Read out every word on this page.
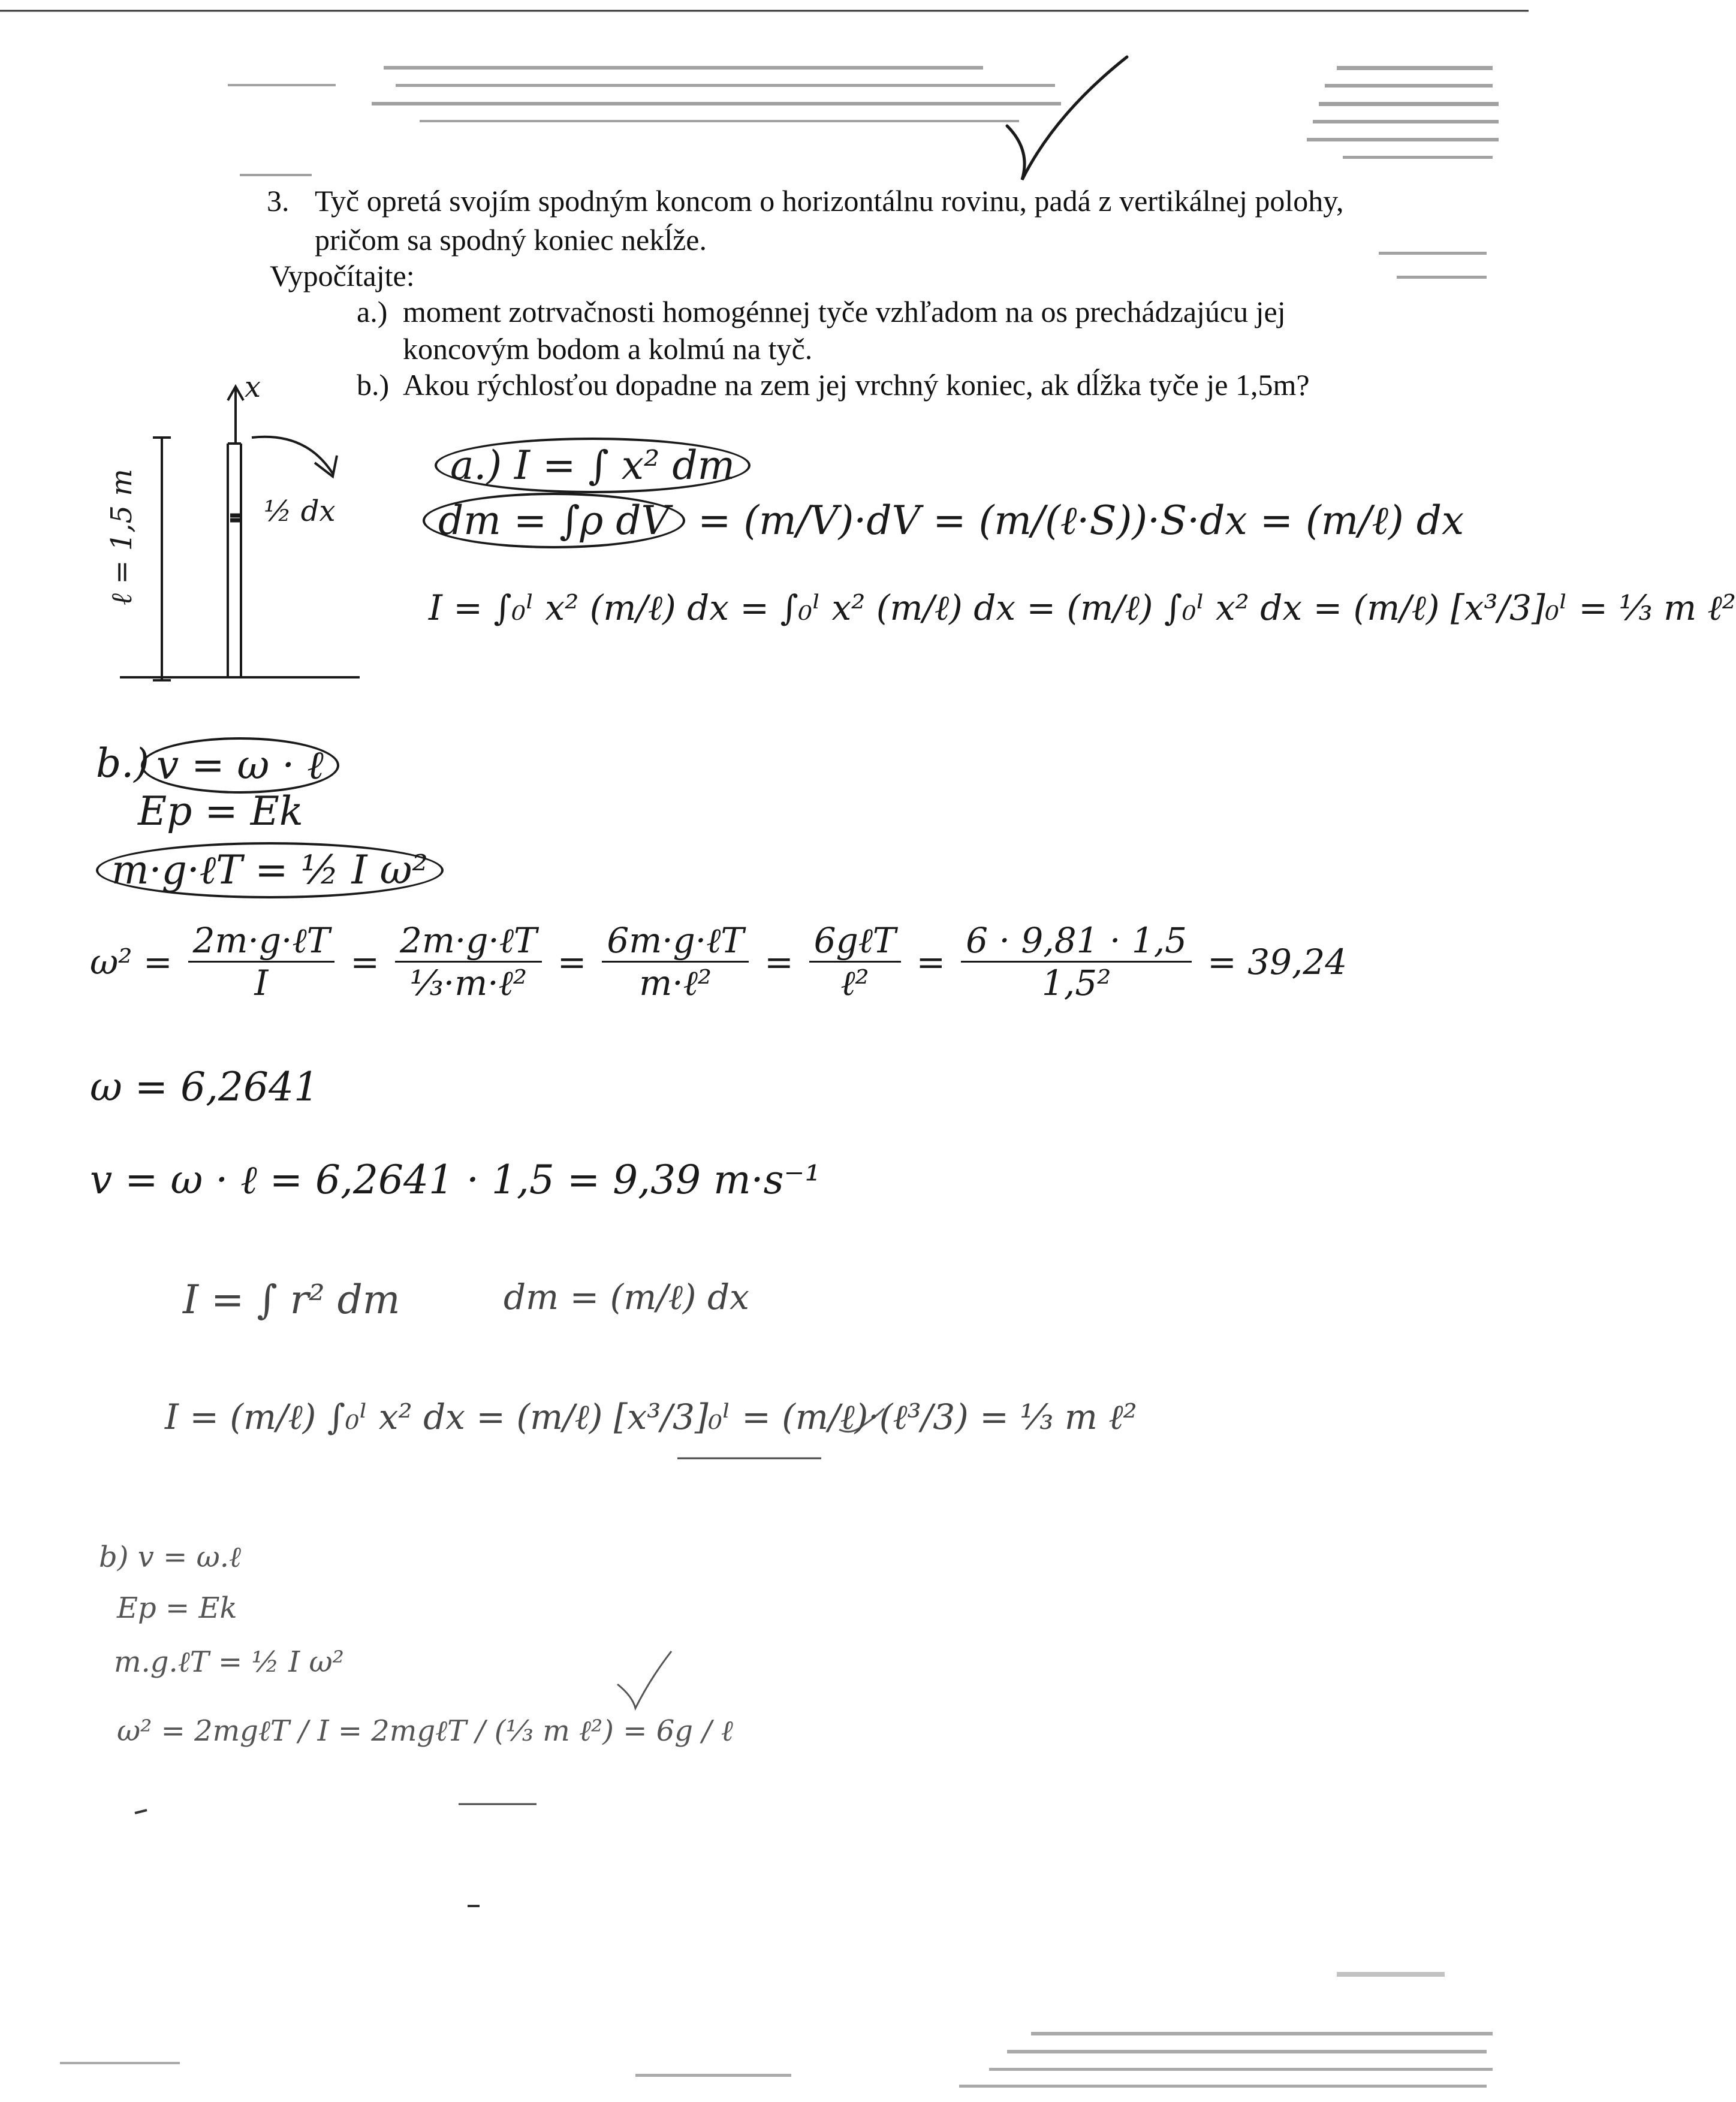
3. Tyč opretá svojím spodným koncom o horizontálnu rovinu, padá z vertikálnej polohy,
pričom sa spodný koniec nekĺže.
Vypočítajte:
a.) moment zotrvačnosti homogénnej tyče vzhľadom na os prechádzajúcu jej
koncovým bodom a kolmú na tyč.
b.) Akou rýchlosťou dopadne na zem jej vrchný koniec, ak dĺžka tyče je 1,5m?
x
ℓ = 1,5 m	½ dx
a.) I = ∫ x² dm
dm = ∫ρ dV = (m/V)·dV = (m/(ℓ·S))·S·dx = (m/ℓ) dx
I = ∫₀ˡ x² (m/ℓ) dx = ∫₀ˡ x² (m/ℓ) dx = (m/ℓ) ∫₀ˡ x² dx = (m/ℓ) [x³/3]₀ˡ = ⅓ m ℓ²
b.) v = ω · ℓ
Ep = Ek
m·g·ℓT = ½ I ω²
$\omega^2 = \frac{\text{2m·g·ℓT}}{I} = \frac{\text{2m·g·ℓT}}{\text{⅓·m·ℓ²}} = \frac{\text{6m·g·ℓT}}{\text{m·ℓ²}} = \frac{\text{6gℓT}}{\text{ℓ²}} = \frac{6 \cdot 9,81 \cdot 1,5}{\text{1,5²}} = 39,24$
ω = 6,2641
v = ω · ℓ = 6,2641 · 1,5 = 9,39 m·s⁻¹
I = ∫ r² dm	dm = (m/ℓ) dx
I = (m/ℓ) ∫₀ˡ x² dx = (m/ℓ) [x³/3]₀ˡ = (m/ℓ)·(ℓ³/3) = ⅓ m ℓ²
b) v = ω.ℓ
Ep = Ek
m.g.ℓT = ½ I ω²
ω² = 2mgℓT / I = 2mgℓT / (⅓ m ℓ²) = 6g / ℓ
